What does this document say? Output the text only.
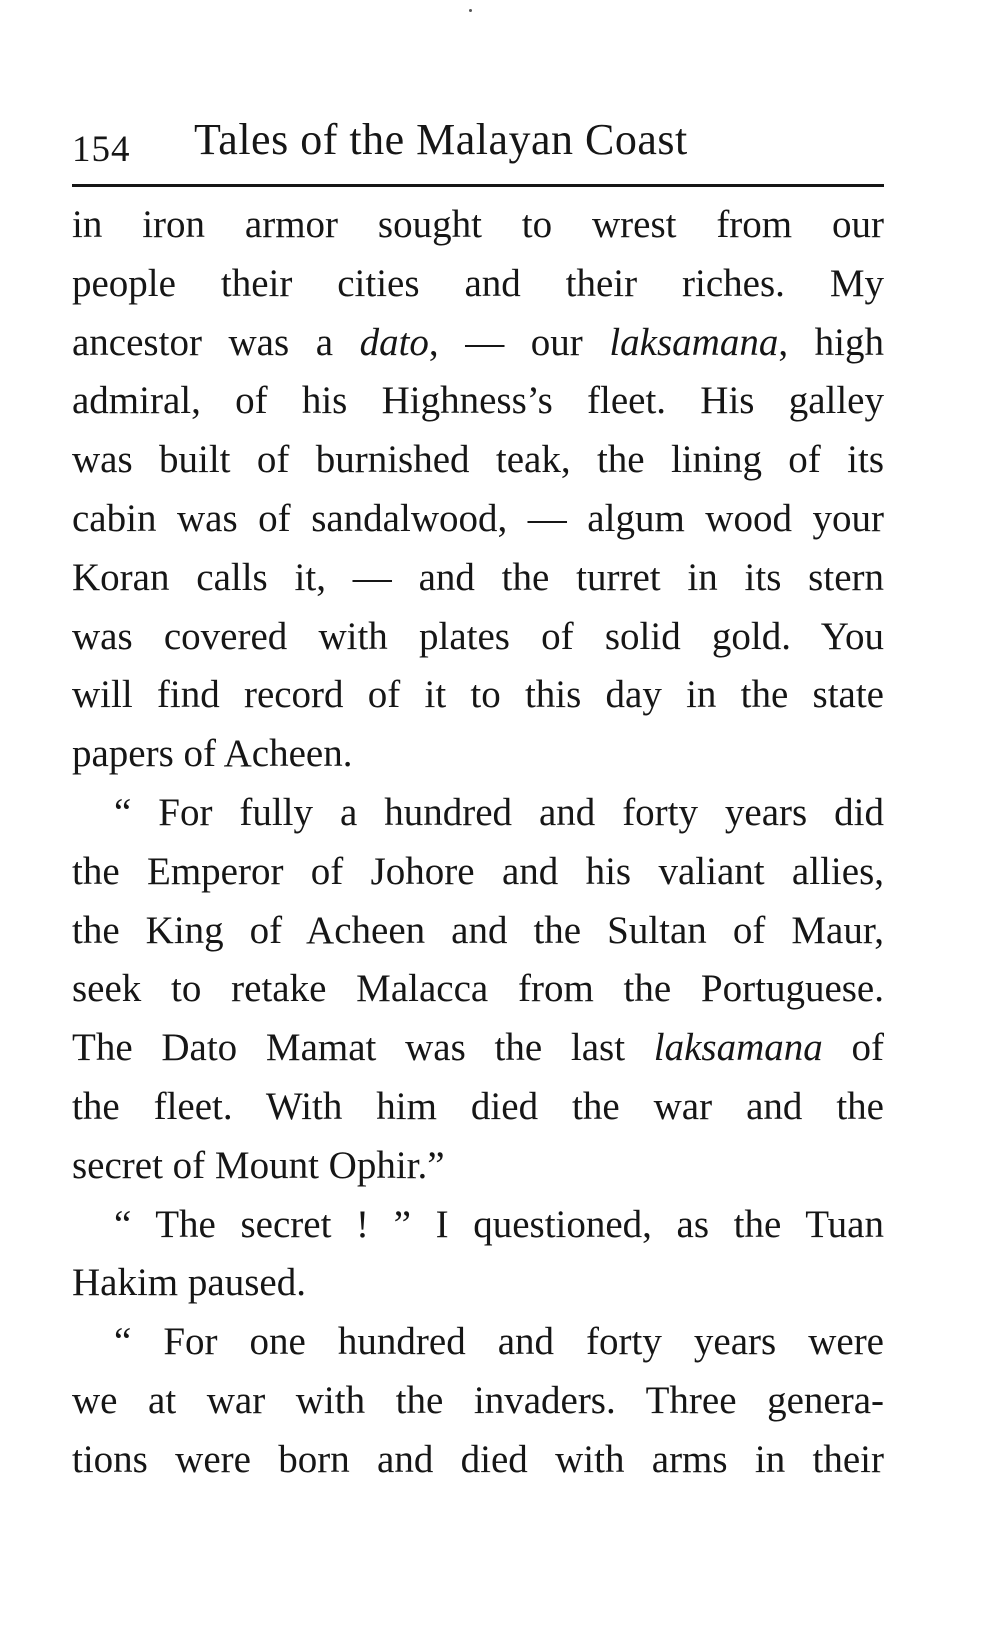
154 Tales of the Malayan Coast
in iron armor sought to wrest from our
people their cities and their riches. My
ancestor was a dato, — our laksamana, high
admiral, of his Highness’s fleet. His galley
was built of burnished teak, the lining of its
cabin was of sandalwood, — algum wood your
Koran calls it, — and the turret in its stern
was covered with plates of solid gold. You
will find record of it to this day in the state
papers of Acheen.
“ For fully a hundred and forty years did
the Emperor of Johore and his valiant allies,
the King of Acheen and the Sultan of Maur,
seek to retake Malacca from the Portuguese.
The Dato Mamat was the last laksamana of
the fleet. With him died the war and the
secret of Mount Ophir.”
“ The secret ! ” I questioned, as the Tuan
Hakim paused.
“ For one hundred and forty years were
we at war with the invaders. Three genera-
tions were born and died with arms in their
